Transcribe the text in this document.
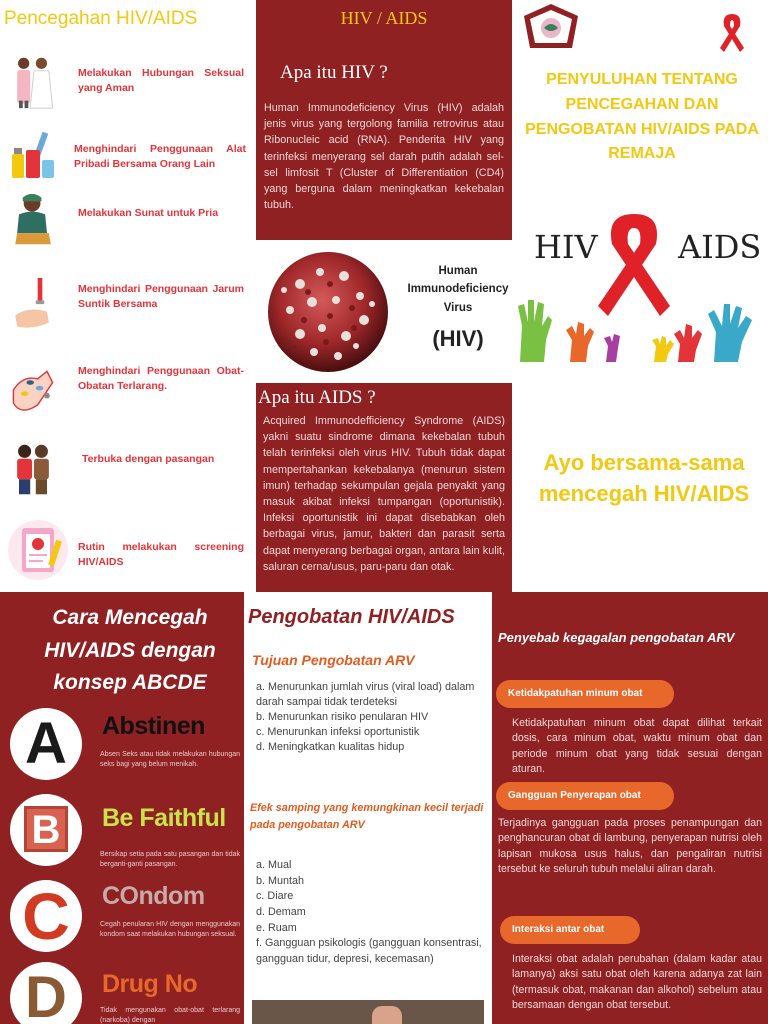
Pencegahan HIV/AIDS
Melakukan Hubungan Seksual yang Aman
Menghindari Penggunaan Alat Pribadi Bersama Orang Lain
Melakukan Sunat untuk Pria
Menghindari Penggunaan Jarum Suntik Bersama
Menghindari Penggunaan Obat-Obatan Terlarang.
Terbuka dengan pasangan
Rutin melakukan screening HIV/AIDS
HIV / AIDS
Apa itu HIV ?
Human Immunodeficiency Virus (HIV) adalah jenis virus yang tergolong familia retrovirus atau Ribonucleic acid (RNA). Penderita HIV yang terinfeksi menyerang sel darah putih adalah sel-sel limfosit T (Cluster of Differentiation (CD4) yang berguna dalam meningkatkan kekebalan tubuh.
Human Immunodeficiency Virus
(HIV)
Apa itu AIDS ?
Acquired Immunodefficiency Syndrome (AIDS) yakni suatu sindrome dimana kekebalan tubuh telah terinfeksi oleh virus HIV. Tubuh tidak dapat mempertahankan kekebalanya (menurun sistem imun) terhadap sekumpulan gejala penyakit yang masuk akibat infeksi tumpangan (oportunistik). Infeksi oportunistik ini dapat disebabkan oleh berbagai virus, jamur, bakteri dan parasit serta dapat menyerang berbagai organ, antara lain kulit, saluran cerna/usus, paru-paru dan otak.
PENYULUHAN TENTANG PENCEGAHAN DAN PENGOBATAN HIV/AIDS PADA REMAJA
HIV	AIDS
Ayo bersama-sama mencegah HIV/AIDS
Cara Mencegah HIV/AIDS dengan konsep ABCDE
A	Abstinen
Absen Seks atau tidak melakukan hubungan seks bagi yang belum menikah.
B	Be Faithful
Bersikap setia pada satu pasangan dan tidak berganti-ganti pasangan.
C	COndom
Cegah penularan HIV dengan menggunakan kondom saat melakukan hubungan seksual.
D	Drug No
Tidak mengunakan obat-obat terlarang (narkoba) dengan
Pengobatan HIV/AIDS
Tujuan Pengobatan ARV
a. Menurunkan jumlah virus (viral load) dalam darah sampai tidak terdeteksi
b. Menurunkan risiko penularan HIV
c. Menurunkan infeksi oportunistik
d. Meningkatkan kualitas hidup
Efek samping yang kemungkinan kecil terjadi pada pengobatan ARV
a. Mual
b. Muntah
c. Diare
d. Demam
e. Ruam
f. Gangguan psikologis (gangguan konsentrasi, gangguan tidur, depresi, kecemasan)
Penyebab kegagalan pengobatan ARV
Ketidakpatuhan minum obat
Ketidakpatuhan minum obat dapat dilihat terkait dosis, cara minum obat, waktu minum obat dan periode minum obat yang tidak sesuai dengan aturan.
Gangguan Penyerapan obat
Terjadinya gangguan pada proses penampungan dan penghancuran obat di lambung, penyerapan nutrisi oleh lapisan mukosa usus halus, dan pengaliran nutrisi tersebut ke seluruh tubuh melalui aliran darah.
Interaksi antar obat
Interaksi obat adalah perubahan (dalam kadar atau lamanya) aksi satu obat oleh karena adanya zat lain (termasuk obat, makanan dan alkohol) sebelum atau bersamaan dengan obat tersebut.
